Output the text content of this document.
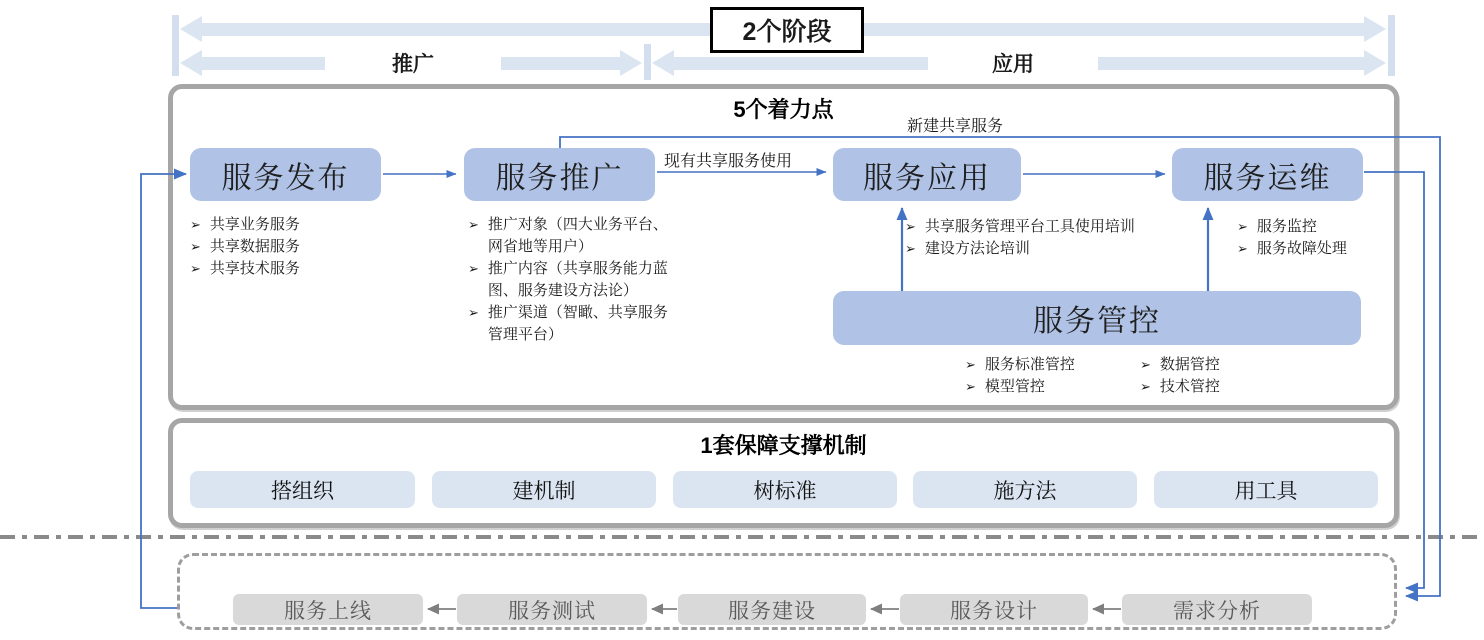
2个阶段
推广	应用
5个着力点
服务发布	服务推广	服务应用	服务运维
服务管控
新建共享服务
现有共享服务使用
➢ 共享业务服务
➢ 共享数据服务
➢ 共享技术服务
➢ 推广对象（四大业务平台、网省地等用户）
➢ 推广内容（共享服务能力蓝图、服务建设方法论）
➢ 推广渠道（智瞰、共享服务管理平台）
➢ 共享服务管理平台工具使用培训
➢ 建设方法论培训
➢ 服务监控
➢ 服务故障处理
➢ 服务标准管控
➢ 模型管控
➢ 数据管控
➢ 技术管控
1套保障支撑机制
搭组织	建机制	树标准	施方法	用工具
服务上线	服务测试	服务建设	服务设计	需求分析
